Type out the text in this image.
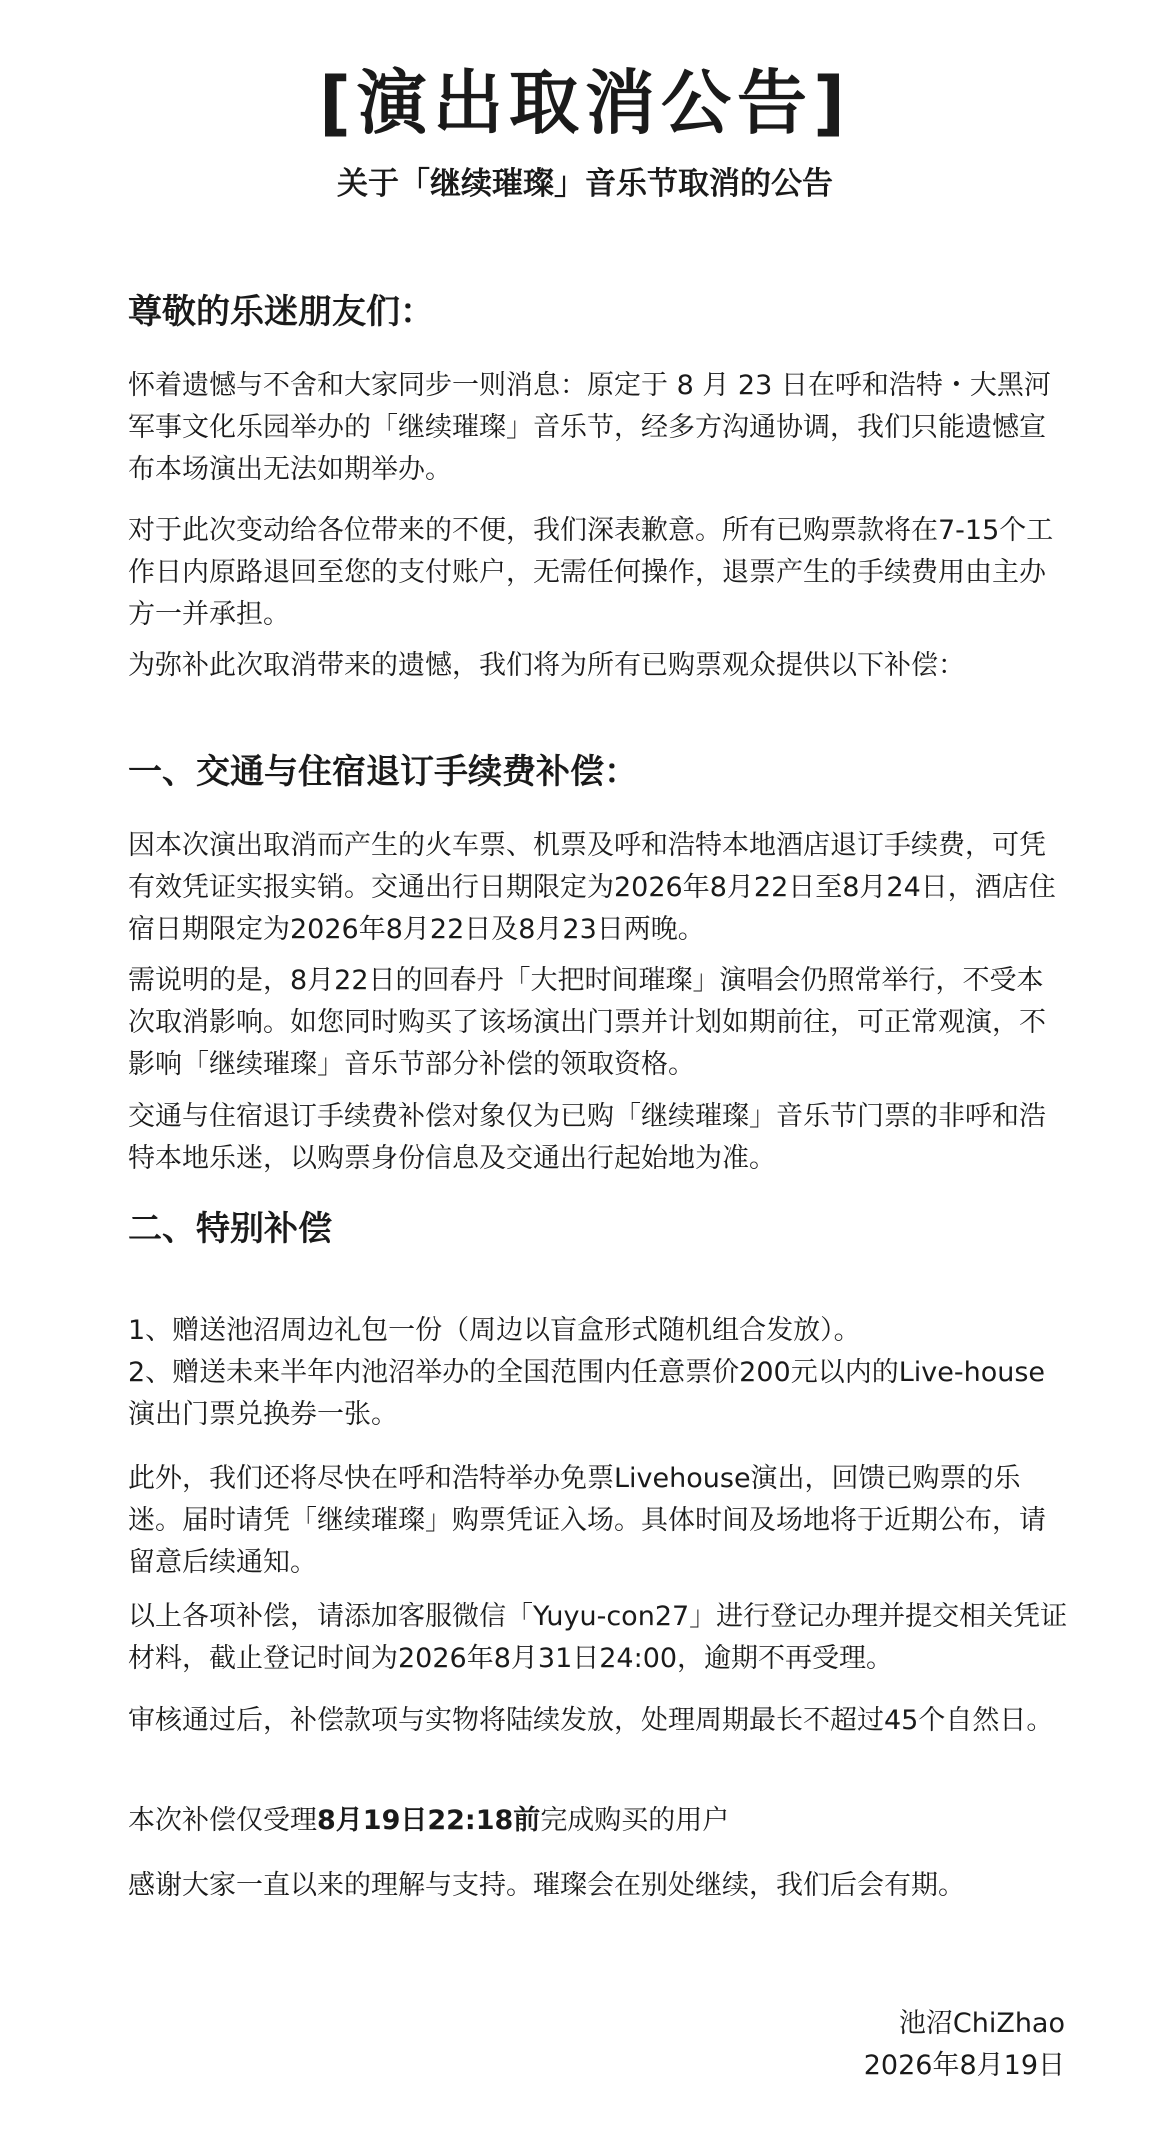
[演出取消公告]
关于「继续璀璨」音乐节取消的公告
尊敬的乐迷朋友们：

怀着遗憾与不舍和大家同步一则消息：原定于 8 月 23 日在呼和浩特・大黑河军事文化乐园举办的「继续璀璨」音乐节，经多方沟通协调，我们只能遗憾宣布本场演出无法如期举办。

对于此次变动给各位带来的不便，我们深表歉意。所有已购票款将在7-15个工作日内原路退回至您的支付账户，无需任何操作，退票产生的手续费用由主办方一并承担。

为弥补此次取消带来的遗憾，我们将为所有已购票观众提供以下补偿：

一、交通与住宿退订手续费补偿：

因本次演出取消而产生的火车票、机票及呼和浩特本地酒店退订手续费，可凭有效凭证实报实销。交通出行日期限定为2026年8月22日至8月24日，酒店住宿日期限定为2026年8月22日及8月23日两晚。

需说明的是，8月22日的回春丹「大把时间璀璨」演唱会仍照常举行，不受本次取消影响。如您同时购买了该场演出门票并计划如期前往，可正常观演，不影响「继续璀璨」音乐节部分补偿的领取资格。

交通与住宿退订手续费补偿对象仅为已购「继续璀璨」音乐节门票的非呼和浩特本地乐迷，以购票身份信息及交通出行起始地为准。

二、特别补偿

1、赠送池沼周边礼包一份（周边以盲盒形式随机组合发放）。

2、赠送未来半年内池沼举办的全国范围内任意票价200元以内的Live-house演出门票兑换券一张。

此外，我们还将尽快在呼和浩特举办免票Livehouse演出，回馈已购票的乐迷。届时请凭「继续璀璨」购票凭证入场。具体时间及场地将于近期公布，请留意后续通知。

以上各项补偿，请添加客服微信「Yuyu-con27」进行登记办理并提交相关凭证材料，截止登记时间为2026年8月31日24:00，逾期不再受理。

审核通过后，补偿款项与实物将陆续发放，处理周期最长不超过45个自然日。

本次补偿仅受理8月19日22:18前完成购买的用户

感谢大家一直以来的理解与支持。璀璨会在别处继续，我们后会有期。

池沼ChiZhao
2026年8月19日
